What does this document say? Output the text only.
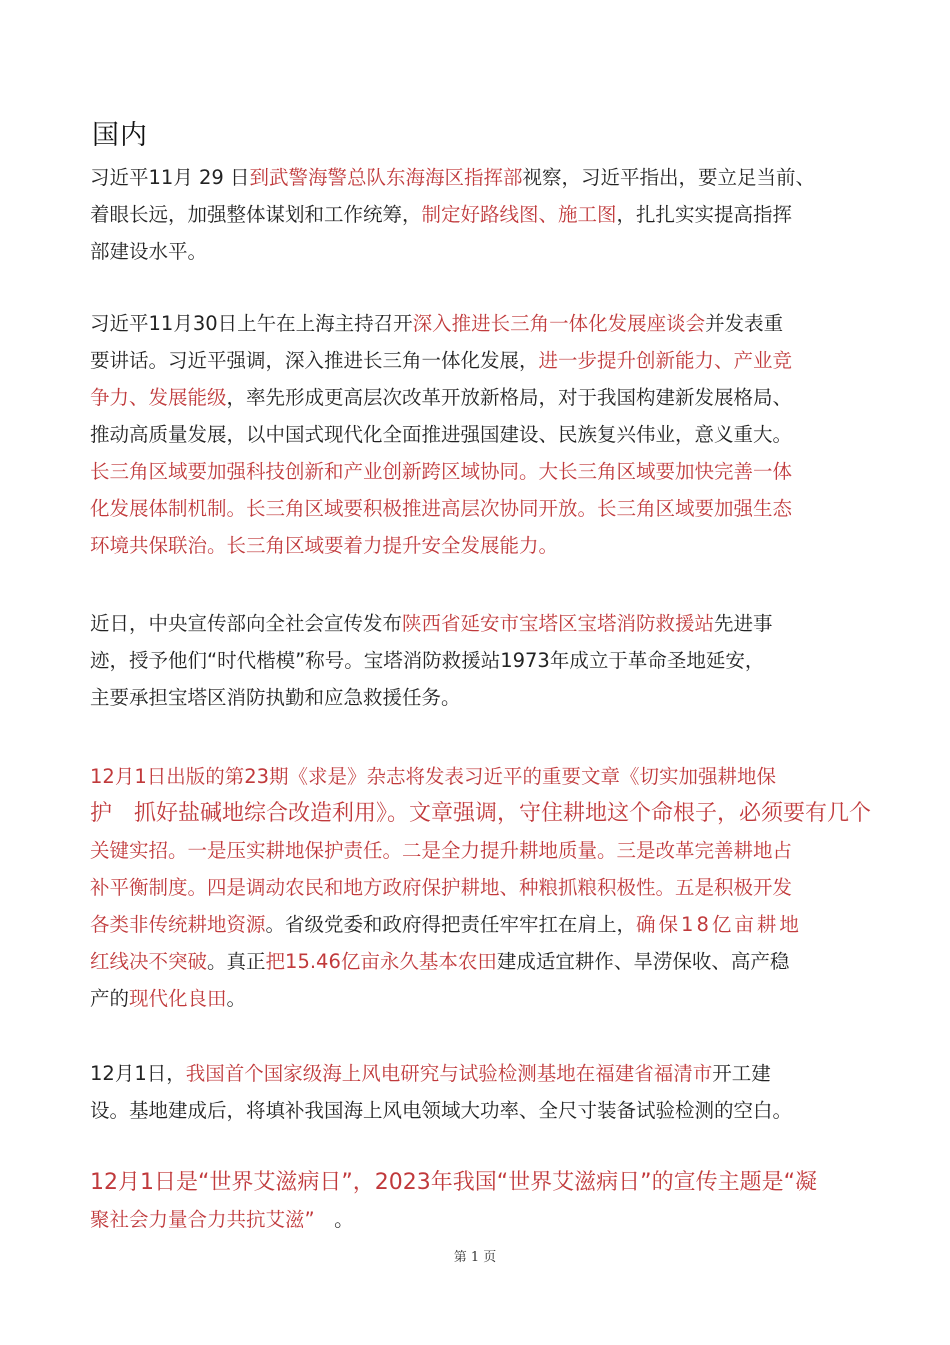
国内
习近平11月 29 日到武警海警总队东海海区指挥部视察，习近平指出，要立足当前、
着眼长远，加强整体谋划和工作统筹，制定好路线图、施工图，扎扎实实提高指挥
部建设水平。
习近平11月30日上午在上海主持召开深入推进长三角一体化发展座谈会并发表重
要讲话。习近平强调，深入推进长三角一体化发展，进一步提升创新能力、产业竞
争力、发展能级，率先形成更高层次改革开放新格局，对于我国构建新发展格局、
推动高质量发展，以中国式现代化全面推进强国建设、民族复兴伟业，意义重大。
长三角区域要加强科技创新和产业创新跨区域协同。大长三角区域要加快完善一体
化发展体制机制。长三角区域要积极推进高层次协同开放。长三角区域要加强生态
环境共保联治。长三角区域要着力提升安全发展能力。
近日，中央宣传部向全社会宣传发布陕西省延安市宝塔区宝塔消防救援站先进事
迹，授予他们“时代楷模”称号。宝塔消防救援站1973年成立于革命圣地延安，
主要承担宝塔区消防执勤和应急救援任务。
12月1日出版的第23期《求是》杂志将发表习近平的重要文章《切实加强耕地保
护　抓好盐碱地综合改造利用》。文章强调，守住耕地这个命根子，必须要有几个
关键实招。一是压实耕地保护责任。二是全力提升耕地质量。三是改革完善耕地占
补平衡制度。四是调动农民和地方政府保护耕地、种粮抓粮积极性。五是积极开发
各类非传统耕地资源。省级党委和政府得把责任牢牢扛在肩上，确保18亿亩耕地
红线决不突破。真正把15.46亿亩永久基本农田建成适宜耕作、旱涝保收、高产稳
产的现代化良田。
12月1日，我国首个国家级海上风电研究与试验检测基地在福建省福清市开工建
设。基地建成后，将填补我国海上风电领域大功率、全尺寸装备试验检测的空白。
12月1日是“世界艾滋病日”，2023年我国“世界艾滋病日”的宣传主题是“凝
聚社会力量合力共抗艾滋”　。
第 1 页
